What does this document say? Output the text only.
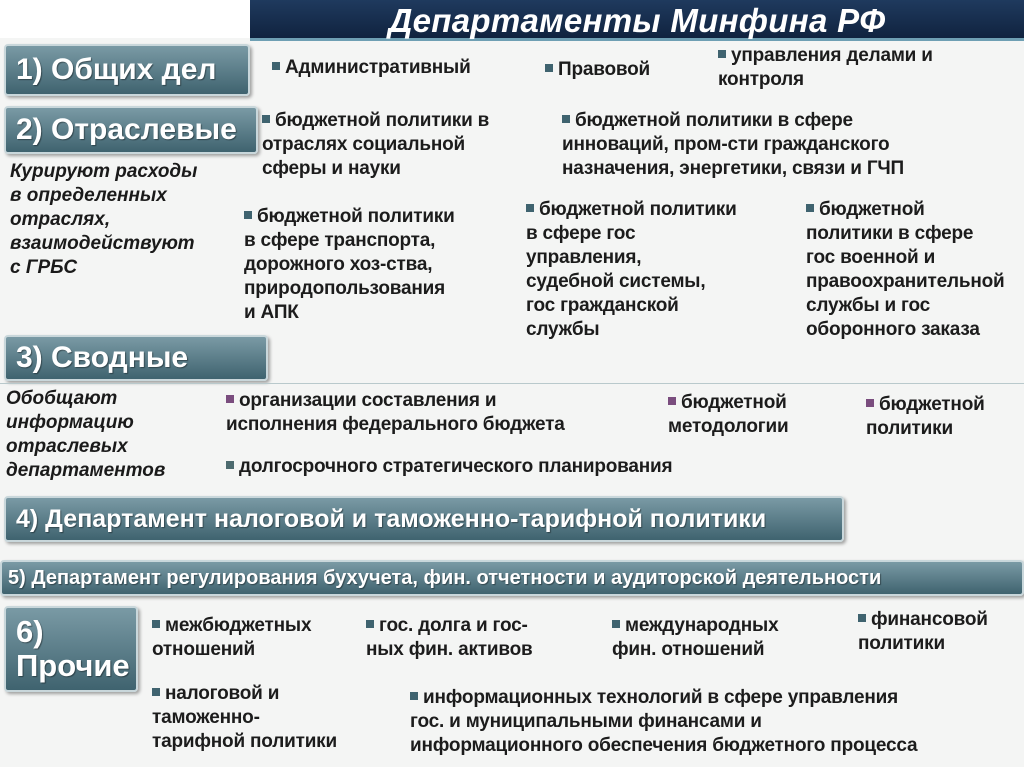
Департаменты Минфина РФ
1) Общих дел	Административный	Правовой
управления делами и
контроля
2) Отраслевые
Курируют расходы
в определенных
отраслях,
взаимодействуют
с ГРБС
бюджетной политики в
отраслях социальной
сферы и науки
бюджетной политики в сфере
инноваций, пром-сти гражданского
назначения, энергетики, связи и ГЧП
бюджетной политики
в сфере транспорта,
дорожного хоз-ства,
природопользования
и АПК
бюджетной политики
в сфере гос
управления,
судебной системы,
гос гражданской
службы
бюджетной
политики в сфере
гос военной и
правоохранительной
службы и гос
оборонного заказа
3) Сводные
Обобщают
информацию
отраслевых
департаментов
организации составления и
исполнения федерального бюджета
бюджетной
методологии
бюджетной
политики
долгосрочного стратегического планирования
4) Департамент налоговой и таможенно-тарифной политики
5) Департамент регулирования бухучета, фин. отчетности и аудиторской деятельности
6)
Прочие
межбюджетных
отношений
гос. долга и гос-
ных фин. активов
международных
фин. отношений
финансовой
политики
налоговой и
таможенно-
тарифной политики
информационных технологий в сфере управления
гос. и муниципальными финансами и
информационного обеспечения бюджетного процесса
